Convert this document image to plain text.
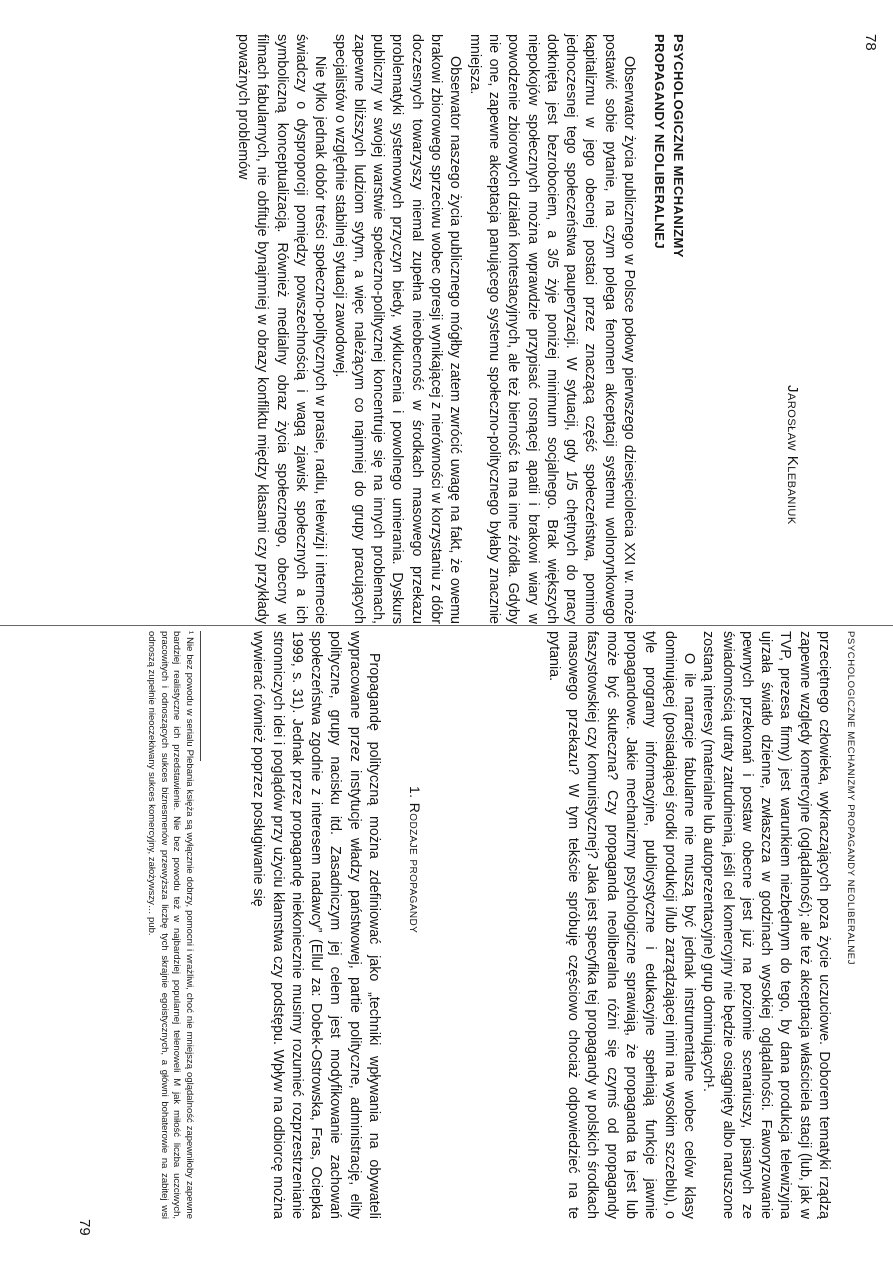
78
Jarosław Klebaniuk
PSYCHOLOGICZNE MECHANIZMY
PROPAGANDY NEOLIBERALNEJ

Obserwator życia publicznego w Polsce połowy pierwszego dziesięciolecia XXI w. może postawić sobie pytanie, na czym polega fenomen akceptacji systemu wolnorynkowego kapitalizmu w jego obecnej postaci przez znaczącą część społeczeństwa, pomimo jednoczesnej tego społeczeństwa pauperyzacji. W sytuacji, gdy 1/5 chętnych do pracy dotknięta jest bezrobociem, a 3/5 żyje poniżej minimum socjalnego. Brak większych niepokojów społecznych można wprawdzie przypisać rosnącej apatii i brakowi wiary w powodzenie zbiorowych działań kontestacyjnych, ale też bierność ta ma inne źródła. Gdyby nie one, zapewne akceptacja panującego systemu społeczno-politycznego byłaby znacznie mniejsza.

Obserwator naszego życia publicznego mógłby zatem zwrócić uwagę na fakt, że owemu brakowi zbiorowego sprzeciwu wobec opresji wynikającej z nierówności w korzystaniu z dóbr doczesnych towarzyszy niemal zupełna nieobecność w środkach masowego przekazu problematyki systemowych przyczyn biedy, wykluczenia i powolnego umierania. Dyskurs publiczny w swojej warstwie społeczno-politycznej koncentruje się na innych problemach, zapewne bliższych ludziom sytym, a więc należącym co najmniej do grupy pracujących specjalistów o względnie stabilnej sytuacji zawodowej.

Nie tylko jednak dobór treści społeczno-politycznych w prasie, radiu, telewizji i internecie świadczy o dysproporcji pomiędzy powszechnością i wagą zjawisk społecznych a ich symboliczną konceptualizacją. Również medialny obraz życia społecznego, obecny w filmach fabularnych, nie obfituje bynajmniej w obrazy konfliktu między klasami czy przykłady poważnych problemów

PSYCHOLOGICZNE MECHANIZMY PROPAGANDY NEOLIBERALNEJ

przeciętnego człowieka, wykraczających poza życie uczuciowe. Doborem tematyki rządzą zapewne względy komercyjne (oglądalność); ale też akceptacja właściciela stacji (lub, jak w TVP, prezesa firmy) jest warunkiem niezbędnym do tego, by dana produkcja telewizyjna ujrzała światło dzienne, zwłaszcza w godzinach wysokiej oglądalności. Faworyzowanie pewnych przekonań i postaw obecne jest już na poziomie scenariuszy, pisanych ze świadomością utraty zatrudnienia, jeśli cel komercyjny nie będzie osiągnięty albo naruszone zostaną interesy (materialne lub autoprezentacyjne) grup dominujących¹.

O ile narracje fabularne nie muszą być jednak instrumentalne wobec celów klasy dominującej (posiadającej środki produkcji i/lub zarządzającej nimi na wysokim szczeblu), o tyle programy informacyjne, publicystyczne i edukacyjne spełniają funkcje jawnie propagandowe. Jakie mechanizmy psychologiczne sprawiają, że propaganda ta jest lub może być skuteczna? Czy propaganda neoliberalna różni się czymś od propagandy faszystowskiej czy komunistycznej? Jaka jest specyfika tej propagandy w polskich środkach masowego przekazu? W tym tekście spróbuję częściowo chociaż odpowiedzieć na te pytania.

1. Rodzaje propagandy

Propagandę polityczną można zdefiniować jako „techniki wpływania na obywateli wypracowane przez instytucje władzy państwowej, partie polityczne, administrację, elity polityczne, grupy nacisku itd. Zasadniczym jej celem jest modyfikowanie zachowań społeczeństwa zgodnie z interesem nadawcy” (Ellul za: Dobek-Ostrowska, Fras, Ociepka 1999, s. 31). Jednak przez propagandę niekoniecznie musimy rozumieć rozprzestrzenianie stronniczych idei i poglądów przy użyciu kłamstwa czy podstępu. Wpływ na odbiorcę można wywierać również poprzez posługiwanie się

¹ Nie bez powodu w serialu Plebania księża są wyłącznie dobrzy, pomocni i wrażliwi, choć nie mniejszą oglądalność zapewniłoby zapewne bardziej realistyczne ich przedstawienie. Nie bez powodu też w najbardziej popularnej telenoweli M jak miłość liczba uczciwych, pracowitych i odnoszących sukces biznesmenów przewyższa liczbę tych skrajnie egoistycznych, a główni bohaterowie na zabitej wsi odnoszą zupełnie nieoczekiwany sukces komercyjny, założywszy… pub.
79
